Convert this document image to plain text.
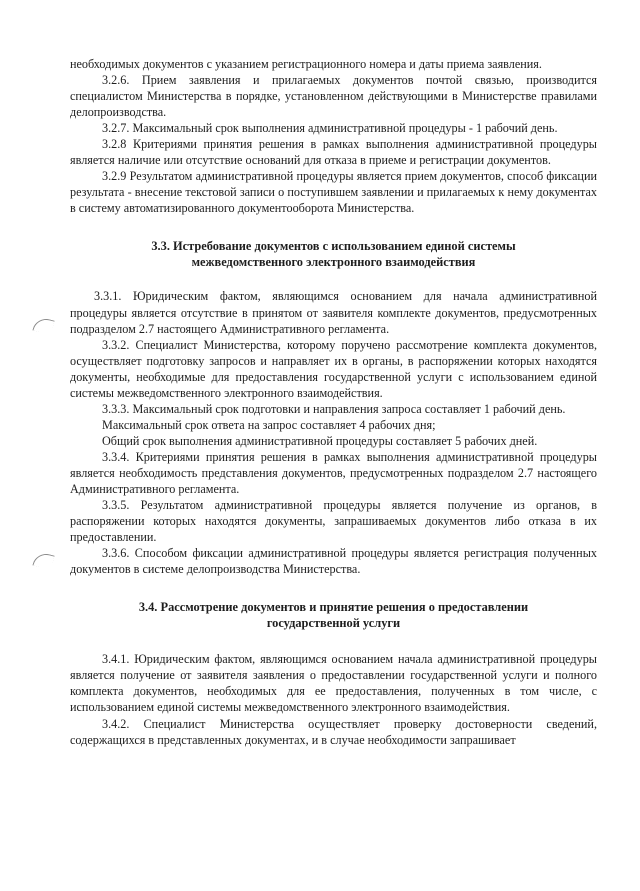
необходимых документов с указанием регистрационного номера и даты приема заявления.

3.2.6. Прием заявления и прилагаемых документов почтой связью, производится специалистом Министерства в порядке, установленном действующими в Министерстве правилами делопроизводства.

3.2.7. Максимальный срок выполнения административной процедуры - 1 рабочий день.

3.2.8 Критериями принятия решения в рамках выполнения административной процедуры является наличие или отсутствие оснований для отказа в приеме и регистрации документов.

3.2.9 Результатом административной процедуры является прием документов, способ фиксации результата - внесение текстовой записи о поступившем заявлении и прилагаемых к нему документах в систему автоматизированного документооборота Министерства.

3.3. Истребование документов с использованием единой системы

межведомственного электронного взаимодействия

3.3.1. Юридическим фактом, являющимся основанием для начала административной процедуры является отсутствие в принятом от заявителя комплекте документов, предусмотренных подразделом 2.7 настоящего Административного регламента.

3.3.2. Специалист Министерства, которому поручено рассмотрение комплекта документов, осуществляет подготовку запросов и направляет их в органы, в распоряжении которых находятся документы, необходимые для предоставления государственной услуги с использованием единой системы межведомственного электронного взаимодействия.

3.3.3. Максимальный срок подготовки и направления запроса составляет 1 рабочий день.

Максимальный срок ответа на запрос составляет 4 рабочих дня;

Общий срок выполнения административной процедуры составляет 5 рабочих дней.

3.3.4. Критериями принятия решения в рамках выполнения административной процедуры является необходимость представления документов, предусмотренных подразделом 2.7 настоящего Административного регламента.

3.3.5. Результатом административной процедуры является получение из органов, в распоряжении которых находятся документы, запрашиваемых документов либо отказа в их предоставлении.

3.3.6. Способом фиксации административной процедуры является регистрация полученных документов в системе делопроизводства Министерства.

3.4. Рассмотрение документов и принятие решения о предоставлении

государственной услуги

3.4.1. Юридическим фактом, являющимся основанием начала административной процедуры является получение от заявителя заявления о предоставлении государственной услуги и полного комплекта документов, необходимых для ее предоставления, полученных в том числе, с использованием единой системы межведомственного электронного взаимодействия.

3.4.2. Специалист Министерства осуществляет проверку достоверности сведений, содержащихся в представленных документах, и в случае необходимости запрашивает
